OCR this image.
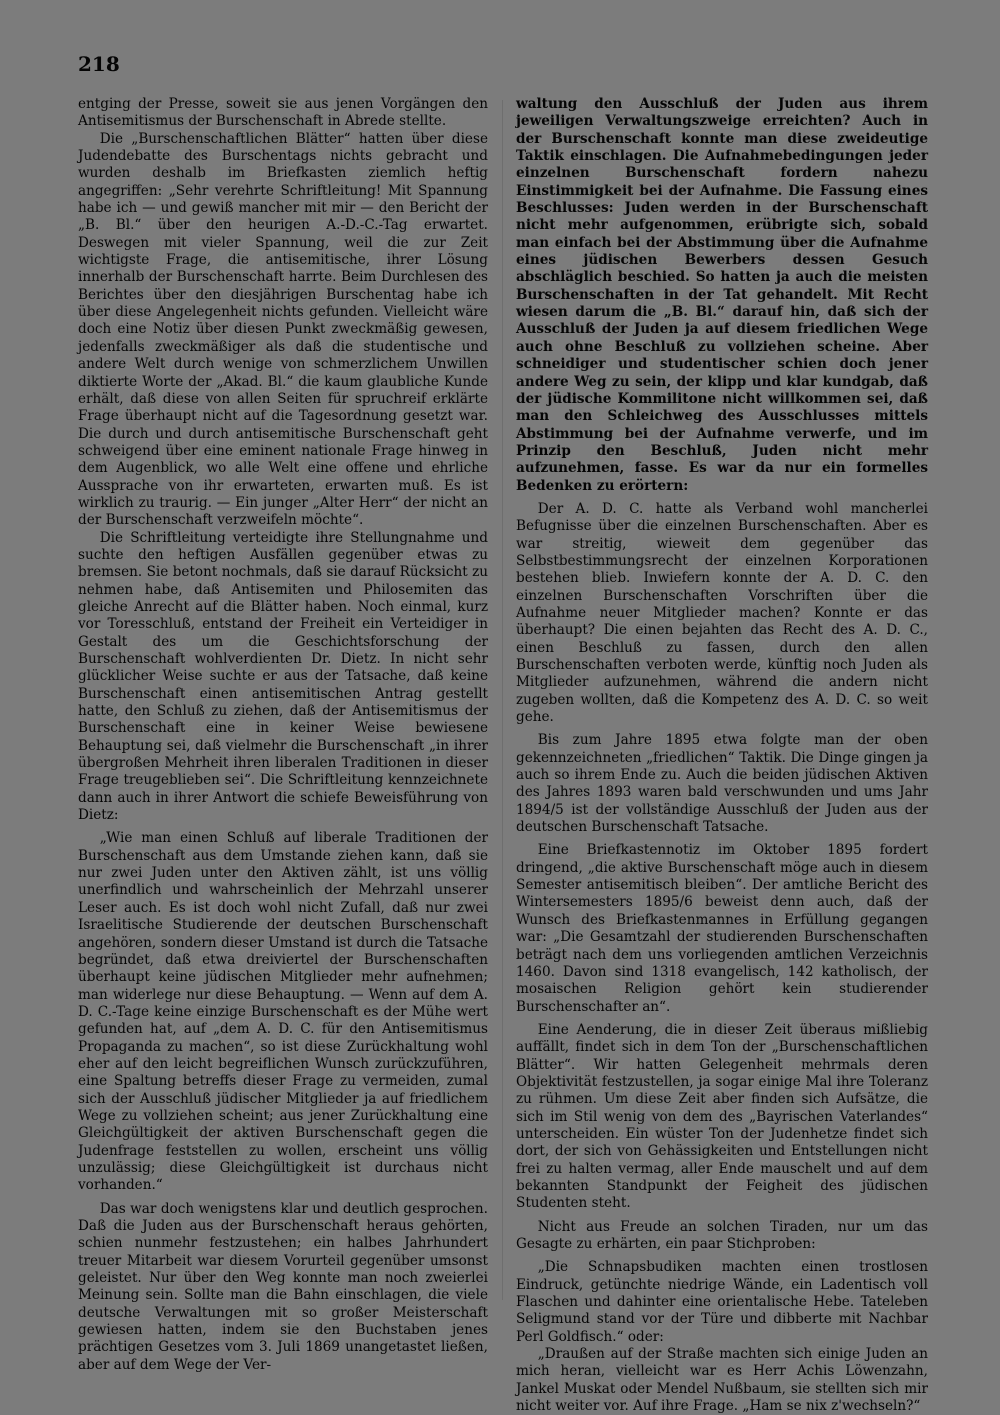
218

entging der Presse, soweit sie aus jenen Vorgängen den Antisemitismus der Burschenschaft in Abrede stellte.

Die „Burschenschaftlichen Blätter“ hatten über diese Judendebatte des Burschentags nichts gebracht und wurden deshalb im Briefkasten ziemlich heftig angegriffen: „Sehr verehrte Schriftleitung! Mit Spannung habe ich — und gewiß mancher mit mir — den Bericht der „B. Bl.“ über den heurigen A.-D.-C.-Tag erwartet. Deswegen mit vieler Spannung, weil die zur Zeit wichtigste Frage, die antisemitische, ihrer Lösung innerhalb der Burschenschaft harrte. Beim Durchlesen des Berichtes über den diesjährigen Burschentag habe ich über diese Angelegenheit nichts gefunden. Vielleicht wäre doch eine Notiz über diesen Punkt zweckmäßig gewesen, jedenfalls zweckmäßiger als daß die studentische und andere Welt durch wenige von schmerzlichem Unwillen diktierte Worte der „Akad. Bl.“ die kaum glaubliche Kunde erhält, daß diese von allen Seiten für spruchreif erklärte Frage überhaupt nicht auf die Tagesordnung gesetzt war. Die durch und durch antisemitische Burschenschaft geht schweigend über eine eminent nationale Frage hinweg in dem Augenblick, wo alle Welt eine offene und ehrliche Aussprache von ihr erwarteten, erwarten muß. Es ist wirklich zu traurig. — Ein junger „Alter Herr“ der nicht an der Burschenschaft verzweifeln möchte“.

Die Schriftleitung verteidigte ihre Stellungnahme und suchte den heftigen Ausfällen gegenüber etwas zu bremsen. Sie betont nochmals, daß sie darauf Rücksicht zu nehmen habe, daß Antisemiten und Philosemiten das gleiche Anrecht auf die Blätter haben. Noch einmal, kurz vor Toresschluß, entstand der Freiheit ein Verteidiger in Gestalt des um die Geschichtsforschung der Burschenschaft wohlverdienten Dr. Dietz. In nicht sehr glücklicher Weise suchte er aus der Tatsache, daß keine Burschenschaft einen antisemitischen Antrag gestellt hatte, den Schluß zu ziehen, daß der Antisemitismus der Burschenschaft eine in keiner Weise bewiesene Behauptung sei, daß vielmehr die Burschenschaft „in ihrer übergroßen Mehrheit ihren liberalen Traditionen in dieser Frage treugeblieben sei“. Die Schriftleitung kennzeichnete dann auch in ihrer Antwort die schiefe Beweisführung von Dietz:

„Wie man einen Schluß auf liberale Traditionen der Burschenschaft aus dem Umstande ziehen kann, daß sie nur zwei Juden unter den Aktiven zählt, ist uns völlig unerfindlich und wahrscheinlich der Mehrzahl unserer Leser auch. Es ist doch wohl nicht Zufall, daß nur zwei Israelitische Studierende der deutschen Burschenschaft angehören, sondern dieser Umstand ist durch die Tatsache begründet, daß etwa dreiviertel der Burschenschaften überhaupt keine jüdischen Mitglieder mehr aufnehmen; man widerlege nur diese Behauptung. — Wenn auf dem A. D. C.-Tage keine einzige Burschenschaft es der Mühe wert gefunden hat, auf „dem A. D. C. für den Antisemitismus Propaganda zu machen“, so ist diese Zurückhaltung wohl eher auf den leicht begreiflichen Wunsch zurückzuführen, eine Spaltung betreffs dieser Frage zu vermeiden, zumal sich der Ausschluß jüdischer Mitglieder ja auf friedlichem Wege zu vollziehen scheint; aus jener Zurückhaltung eine Gleichgültigkeit der aktiven Burschenschaft gegen die Judenfrage feststellen zu wollen, erscheint uns völlig unzulässig; diese Gleichgültigkeit ist durchaus nicht vorhanden.“

Das war doch wenigstens klar und deutlich gesprochen. Daß die Juden aus der Burschenschaft heraus gehörten, schien nunmehr festzustehen; ein halbes Jahrhundert treuer Mitarbeit war diesem Vorurteil gegenüber umsonst geleistet. Nur über den Weg konnte man noch zweierlei Meinung sein. Sollte man die Bahn einschlagen, die viele deutsche Verwaltungen mit so großer Meisterschaft gewiesen hatten, indem sie den Buchstaben jenes prächtigen Gesetzes vom 3. Juli 1869 unangetastet ließen, aber auf dem Wege der Ver-

waltung den Ausschluß der Juden aus ihrem jeweiligen Verwaltungszweige erreichten? Auch in der Burschenschaft konnte man diese zweideutige Taktik einschlagen. Die Aufnahmebedingungen jeder einzelnen Burschenschaft fordern nahezu Einstimmigkeit bei der Aufnahme. Die Fassung eines Beschlusses: Juden werden in der Burschenschaft nicht mehr aufgenommen, erübrigte sich, sobald man einfach bei der Abstimmung über die Aufnahme eines jüdischen Bewerbers dessen Gesuch abschläglich beschied. So hatten ja auch die meisten Burschenschaften in der Tat gehandelt. Mit Recht wiesen darum die „B. Bl.“ darauf hin, daß sich der Ausschluß der Juden ja auf diesem friedlichen Wege auch ohne Beschluß zu vollziehen scheine. Aber schneidiger und studentischer schien doch jener andere Weg zu sein, der klipp und klar kundgab, daß der jüdische Kommilitone nicht willkommen sei, daß man den Schleichweg des Ausschlusses mittels Abstimmung bei der Aufnahme verwerfe, und im Prinzip den Beschluß, Juden nicht mehr aufzunehmen, fasse. Es war da nur ein formelles Bedenken zu erörtern:

Der A. D. C. hatte als Verband wohl mancherlei Befugnisse über die einzelnen Burschenschaften. Aber es war streitig, wieweit dem gegenüber das Selbstbestimmungsrecht der einzelnen Korporationen bestehen blieb. Inwiefern konnte der A. D. C. den einzelnen Burschenschaften Vorschriften über die Aufnahme neuer Mitglieder machen? Konnte er das überhaupt? Die einen bejahten das Recht des A. D. C., einen Beschluß zu fassen, durch den allen Burschenschaften verboten werde, künftig noch Juden als Mitglieder aufzunehmen, während die andern nicht zugeben wollten, daß die Kompetenz des A. D. C. so weit gehe.

Bis zum Jahre 1895 etwa folgte man der oben gekennzeichneten „friedlichen“ Taktik. Die Dinge gingen ja auch so ihrem Ende zu. Auch die beiden jüdischen Aktiven des Jahres 1893 waren bald verschwunden und ums Jahr 1894/5 ist der vollständige Ausschluß der Juden aus der deutschen Burschenschaft Tatsache.

Eine Briefkastennotiz im Oktober 1895 fordert dringend, „die aktive Burschenschaft möge auch in diesem Semester antisemitisch bleiben“. Der amtliche Bericht des Wintersemesters 1895/6 beweist denn auch, daß der Wunsch des Briefkastenmannes in Erfüllung gegangen war: „Die Gesamtzahl der studierenden Burschenschaften beträgt nach dem uns vorliegenden amtlichen Verzeichnis 1460. Davon sind 1318 evangelisch, 142 katholisch, der mosaischen Religion gehört kein studierender Burschenschafter an“.

Eine Aenderung, die in dieser Zeit überaus mißliebig auffällt, findet sich in dem Ton der „Burschenschaftlichen Blätter“. Wir hatten Gelegenheit mehrmals deren Objektivität festzustellen, ja sogar einige Mal ihre Toleranz zu rühmen. Um diese Zeit aber finden sich Aufsätze, die sich im Stil wenig von dem des „Bayrischen Vaterlandes“ unterscheiden. Ein wüster Ton der Judenhetze findet sich dort, der sich von Gehässigkeiten und Entstellungen nicht frei zu halten vermag, aller Ende mauschelt und auf dem bekannten Standpunkt der Feigheit des jüdischen Studenten steht.

Nicht aus Freude an solchen Tiraden, nur um das Gesagte zu erhärten, ein paar Stichproben:

„Die Schnapsbudiken machten einen trostlosen Eindruck, getünchte niedrige Wände, ein Ladentisch voll Flaschen und dahinter eine orientalische Hebe. Tateleben Seligmund stand vor der Türe und dibberte mit Nachbar Perl Goldfisch.“ oder:

„Draußen auf der Straße machten sich einige Juden an mich heran, vielleicht war es Herr Achis Löwenzahn, Jankel Muskat oder Mendel Nußbaum, sie stellten sich mir nicht weiter vor. Auf ihre Frage. „Ham se nix z'wechseln?“
